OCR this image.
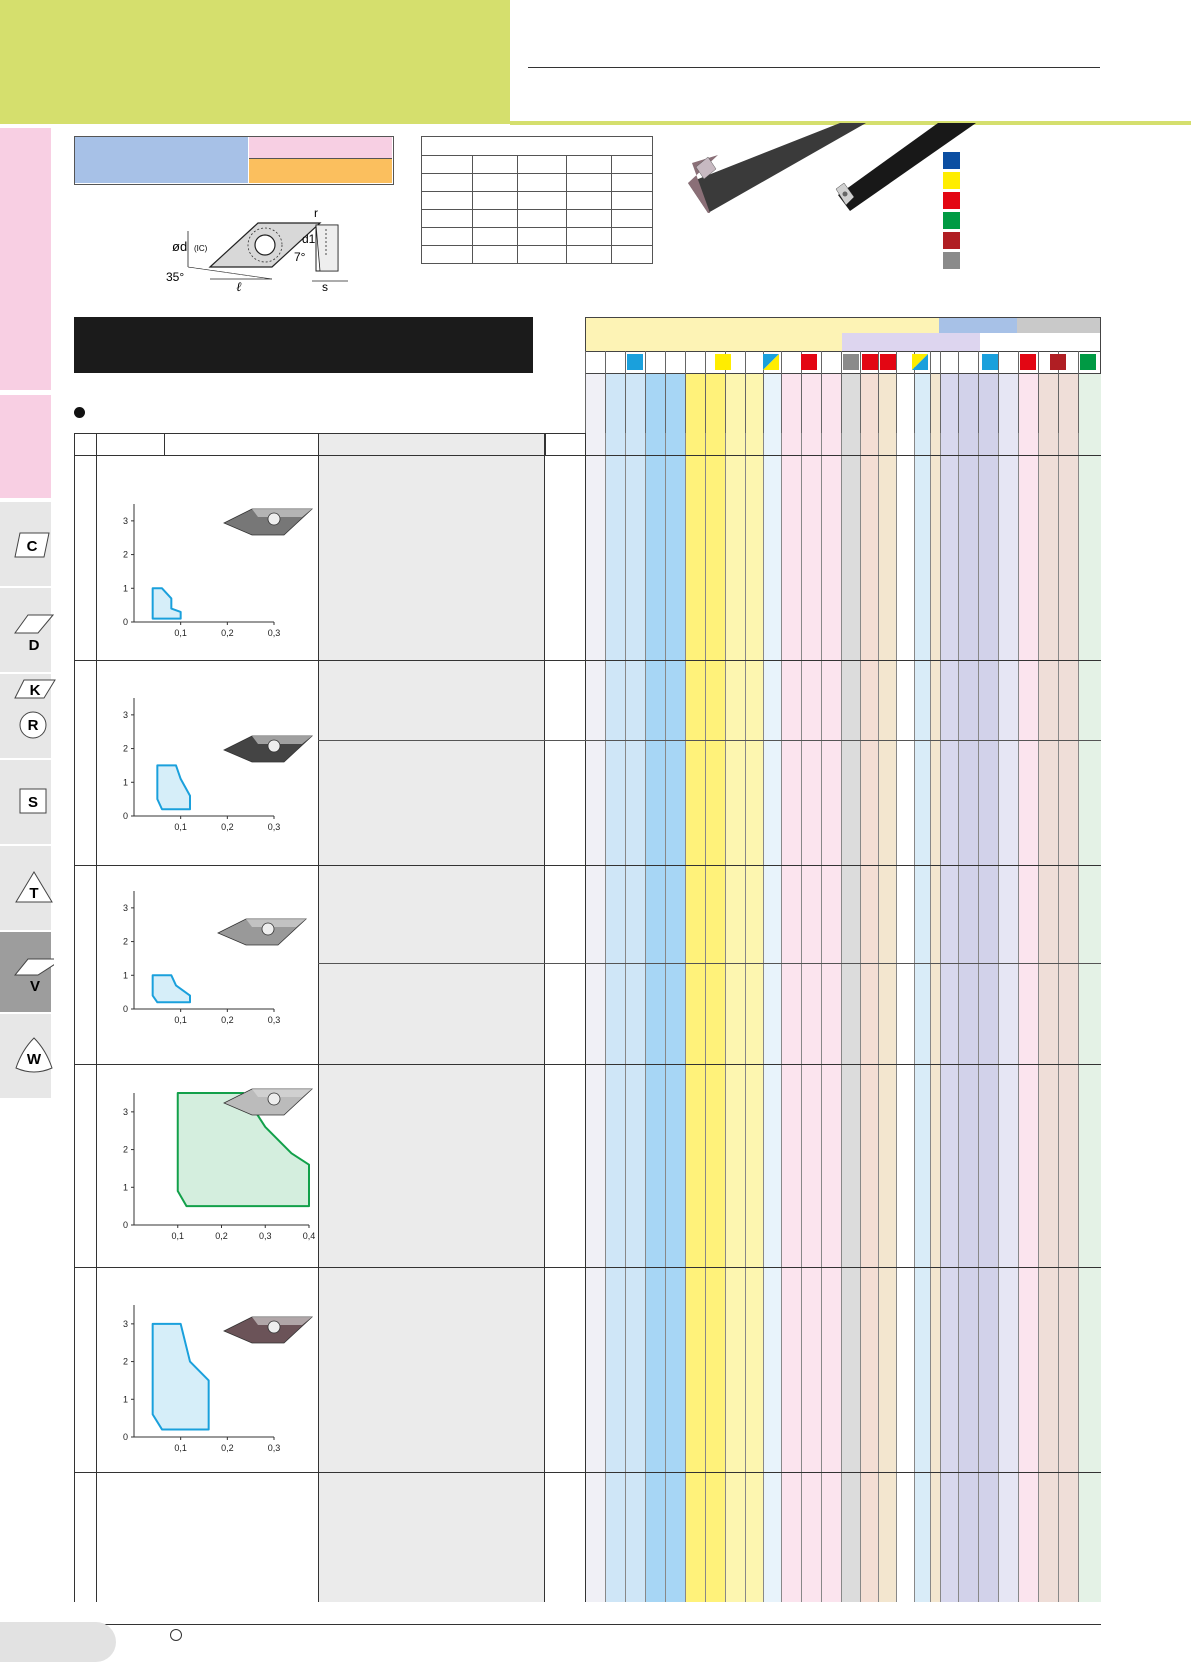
C
D
K
R
S
T
V
W
ød (IC)
35°
ℓ
r
d1
7°
s

0
1
2
3
0,1	0,2	0,3
0
1
2
3
0,1	0,2	0,3
0
1
2
3
0,1	0,2	0,3
0
1
2
3
0,1	0,2	0,3	0,4
0
1
2
3
0,1	0,2	0,3
